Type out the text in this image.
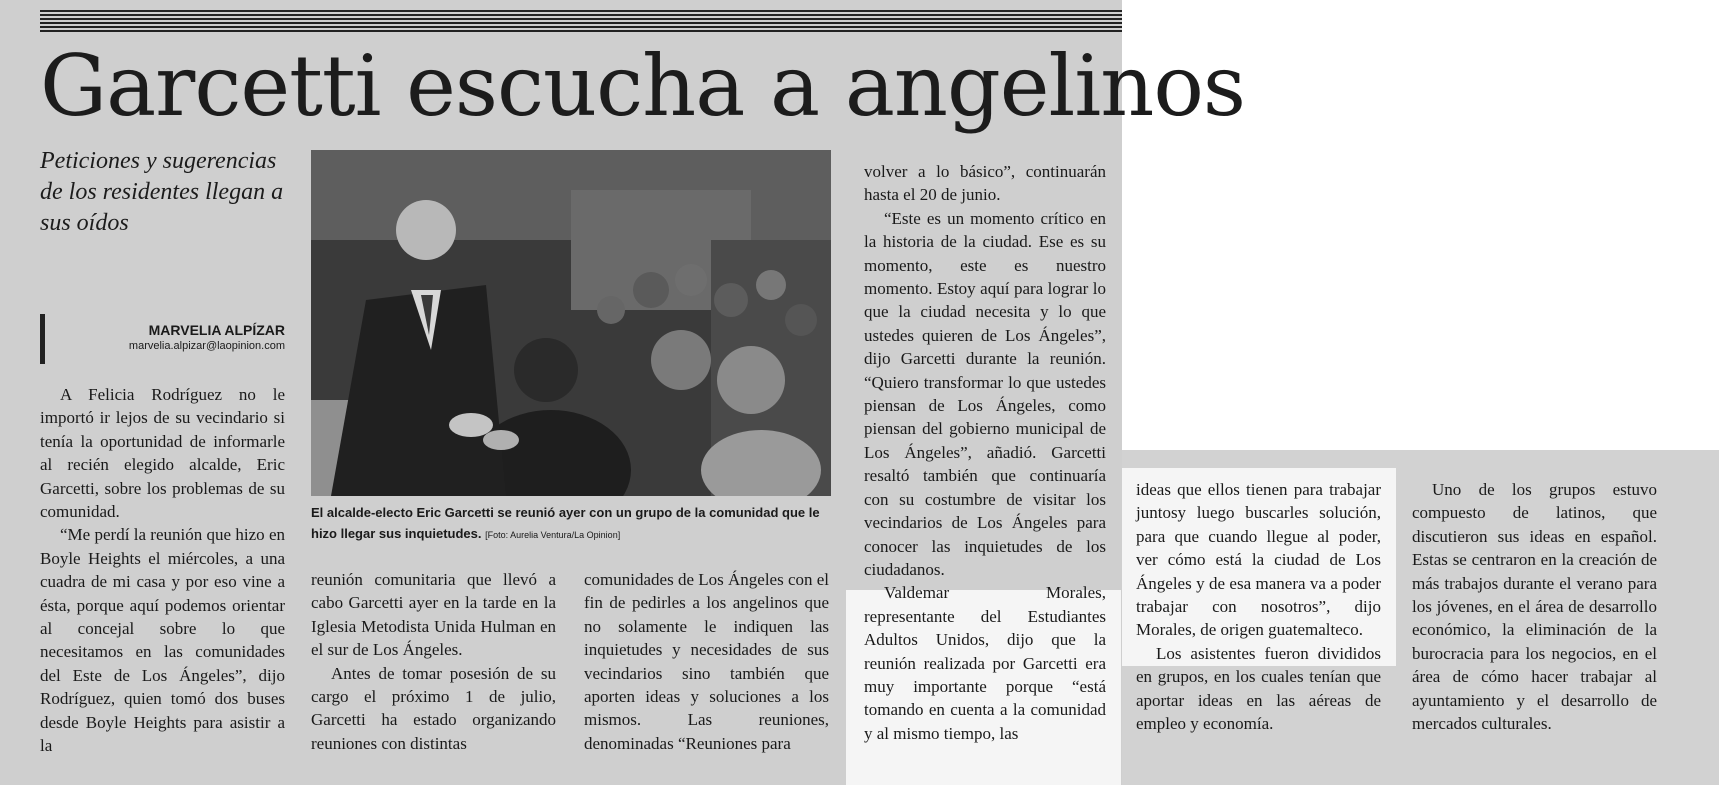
Garcetti escucha a angelinos
Peticiones y sugerencias de los residentes llegan a sus oídos
MARVELIA ALPÍZAR
marvelia.alpizar@laopinion.com
El alcalde-electo Eric Garcetti se reunió ayer con un grupo de la comunidad que le hizo llegar sus inquietudes. [Foto: Aurelia Ventura/La Opinion]

A Felicia Rodríguez no le importó ir lejos de su vecindario si tenía la oportunidad de informarle al recién elegido alcalde, Eric Garcetti, sobre los problemas de su comunidad.

“Me perdí la reunión que hizo en Boyle Heights el miércoles, a una cuadra de mi casa y por eso vine a ésta, porque aquí podemos orientar al concejal sobre lo que necesitamos en las comunidades del Este de Los Ángeles”, dijo Rodríguez, quien tomó dos buses desde Boyle Heights para asistir a la

reunión comunitaria que llevó a cabo Garcetti ayer en la tarde en la Iglesia Metodista Unida Hulman en el sur de Los Ángeles.

Antes de tomar posesión de su cargo el próximo 1 de julio, Garcetti ha estado organizando reuniones con distintas

comunidades de Los Ángeles con el fin de pedirles a los angelinos que no solamente le indiquen las inquietudes y necesidades de sus vecindarios sino también que aporten ideas y soluciones a los mismos. Las reuniones, denominadas “Reuniones para

volver a lo básico”, continuarán hasta el 20 de junio.

“Este es un momento crítico en la historia de la ciudad. Ese es su momento, este es nuestro momento. Estoy aquí para lograr lo que la ciudad necesita y lo que ustedes quieren de Los Ángeles”, dijo Garcetti durante la reunión. “Quiero transformar lo que ustedes piensan de Los Ángeles, como piensan del gobierno municipal de Los Ángeles”, añadió. Garcetti resaltó también que continuaría con su costumbre de visitar los vecindarios de Los Ángeles para conocer las inquietudes de los ciudadanos.

Valdemar Morales, representante del Estudiantes Adultos Unidos, dijo que la reunión realizada por Garcetti era muy importante porque “está tomando en cuenta a la comunidad y al mismo tiempo, las

ideas que ellos tienen para trabajar juntosy luego buscarles solución, para que cuando llegue al poder, ver cómo está la ciudad de Los Ángeles y de esa manera va a poder trabajar con nosotros”, dijo Morales, de origen guatemalteco.

Los asistentes fueron divididos en grupos, en los cuales tenían que aportar ideas en las aéreas de empleo y economía.

Uno de los grupos estuvo compuesto de latinos, que discutieron sus ideas en español. Estas se centraron en la creación de más trabajos durante el verano para los jóvenes, en el área de desarrollo económico, la eliminación de la burocracia para los negocios, en el área de cómo hacer trabajar al ayuntamiento y el desarrollo de mercados culturales.
